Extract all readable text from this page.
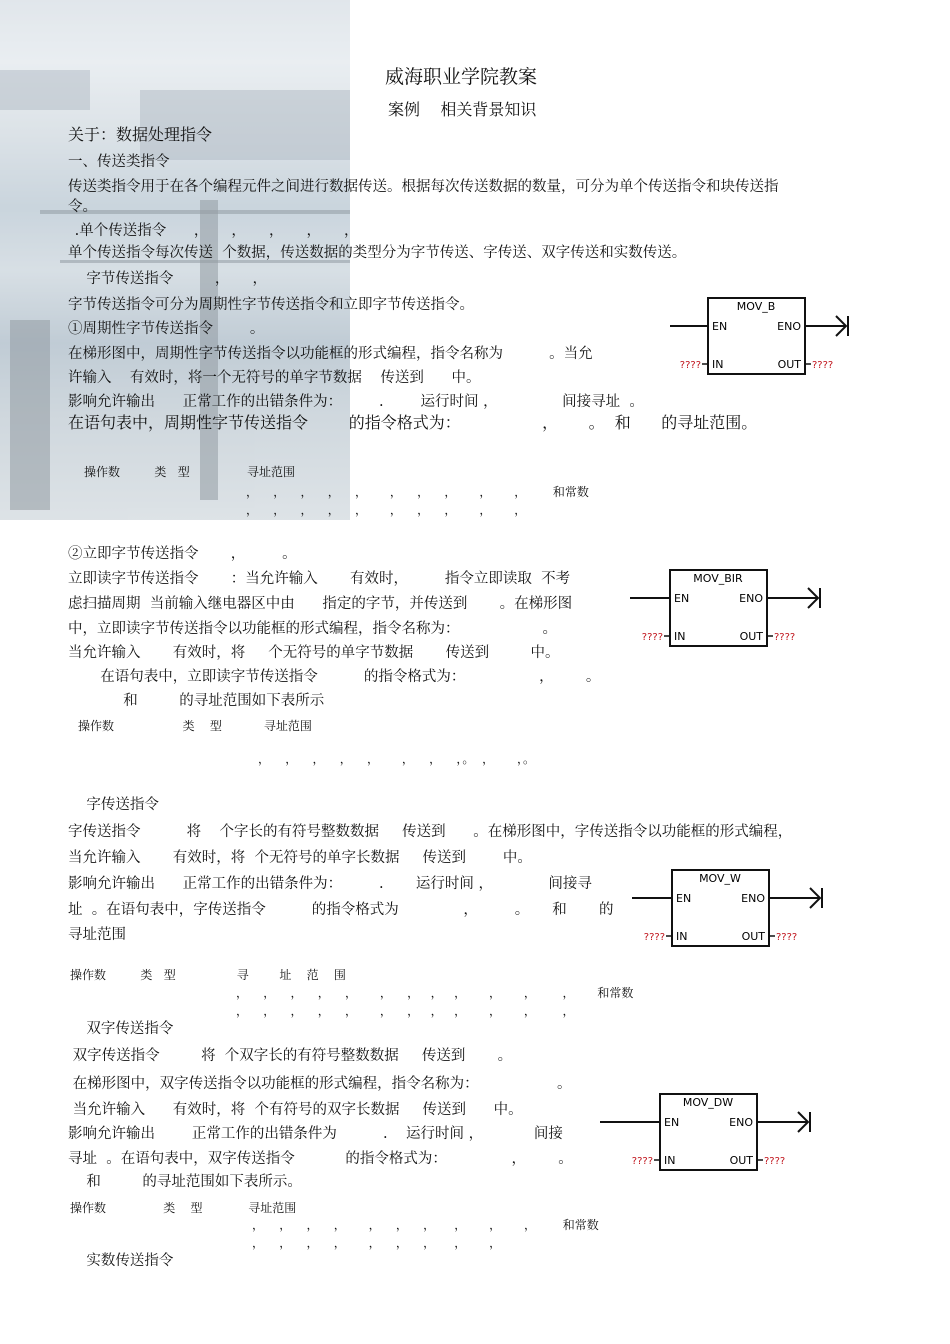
威海职业学院教案
案例    相关背景知识
关于：数据处理指令
一、传送类指令
传送类指令用于在各个编程元件之间进行数据传送。根据每次传送数据的数量，可分为单个传送指令和块传送指
令。
.单个传送指令      ，     ，     ，     ，     ，
单个传送指令每次传送  个数据，传送数据的类型分为字节传送、字传送、双字传送和实数传送。
字节传送指令         ，     ，
字节传送指令可分为周期性字节传送指令和立即字节传送指令。
①周期性字节传送指令        。
在梯形图中，周期性字节传送指令以功能框的形式编程，指令名称为          。当允
许输入    有效时，将一个无符号的单字节数据    传送到      中。
影响允许输出      正常工作的出错条件为：        .        运行时间 ，              间接寻址  。
在语句表中，周期性字节传送指令        的指令格式为：                ，      。  和      的寻址范围。
操作数         类   型               寻址范围
，    ，    ，    ，    ，      ，    ，    ，      ，      ，       和常数
，    ，    ，    ，    ，      ，    ，    ，      ，      ，
②立即字节传送指令       ，        。
立即读字节传送指令       ：当允许输入       有效时，        指令立即读取  不考
虑扫描周期  当前输入继电器区中由      指定的字节，并传送到       。在梯形图
中，立即读字节传送指令以功能框的形式编程，指令名称为：                  。
当允许输入       有效时，将     个无符号的单字节数据       传送到         中。
在语句表中，立即读字节传送指令          的指令格式为：                ，       。
和         的寻址范围如下表所示
操作数                  类    型           寻址范围
，    ，    ，    ，    ，      ，    ，    ，。  ，      ，。
字传送指令
字传送指令          将    个字长的有符号整数数据     传送到      。在梯形图中，字传送指令以功能框的形式编程，
当允许输入       有效时，将  个无符号的单字长数据     传送到        中。
影响允许输出      正常工作的出错条件为：        .       运行时间 ，            间接寻
址  。在语句表中，字传送指令          的指令格式为              ，        。     和       的
寻址范围
操作数         类   型                寻        址    范    围
，    ，    ，    ，    ，      ，    ，   ，   ，      ，      ，       ，      和常数
，    ，    ，    ，    ，      ，    ，   ，   ，      ，      ，       ，
双字传送指令
双字传送指令         将  个双字长的有符号整数数据     传送到       。
在梯形图中，双字传送指令以功能框的形式编程，指令名称为：                 。
当允许输入      有效时，将  个有符号的双字长数据     传送到      中。
影响允许输出        正常工作的出错条件为          .    运行时间 ，           间接
寻址  。在语句表中，双字传送指令           的指令格式为：              ，       。
和         的寻址范围如下表所示。
操作数               类    型            寻址范围
，    ，    ，    ，      ，    ，    ，     ，      ，      ，       和常数
，    ，    ，    ，      ，    ，    ，     ，      ，
实数传送指令
MOV_B
EN	ENO
IN	OUT
????	????
MOV_BIR
EN	ENO
IN	OUT
????	????
MOV_W
EN	ENO
IN	OUT
????	????
MOV_DW
EN	ENO
IN	OUT
????	????
